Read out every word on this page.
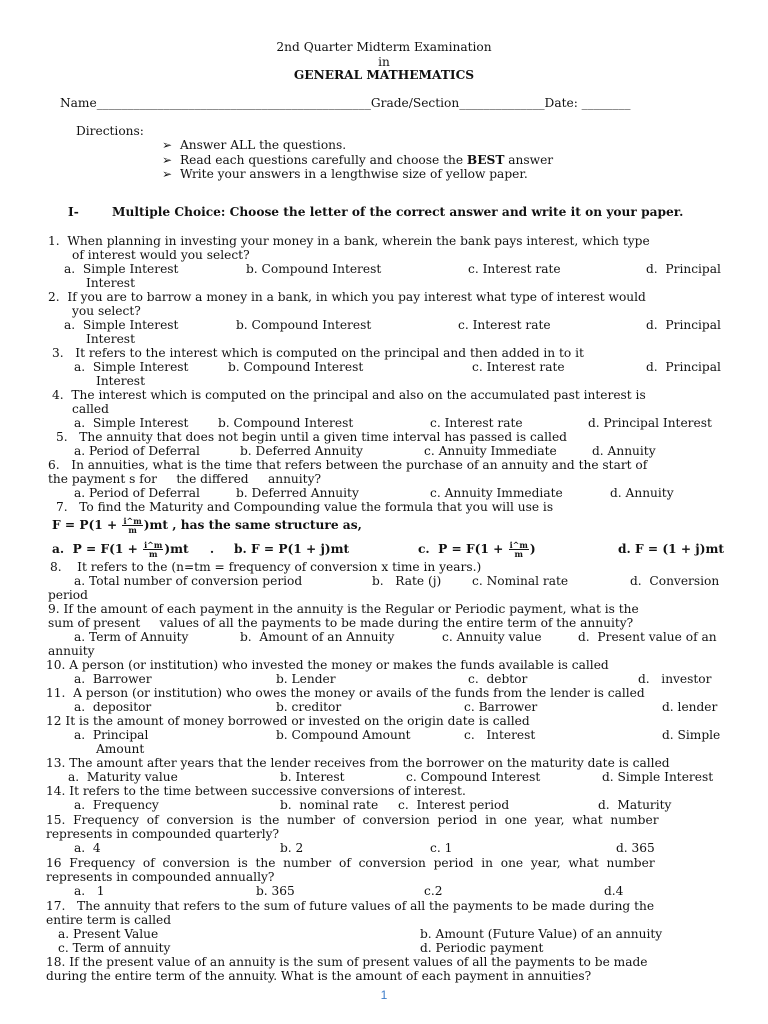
2nd Quarter Midterm Examination
in
GENERAL MATHEMATICS
Name_____________________________________________Grade/Section______________Date: ________
Directions:
➢ Answer ALL the questions.
➢ Read each questions carefully and choose the BEST answer
➢ Write your answers in a lengthwise size of yellow paper.
I-	Multiple Choice: Choose the letter of the correct answer and write it on your paper.
1.  When planning in investing your money in a bank, wherein the bank pays interest, which type
of interest would you select?
a.  Simple Interest	b. Compound Interest	c. Interest rate	d.  Principal
Interest
2.  If you are to barrow a money in a bank, in which you pay interest what type of interest would
you select?
a.  Simple Interest	b. Compound Interest	c. Interest rate	d.  Principal
Interest
3.   It refers to the interest which is computed on the principal and then added in to it
a.  Simple Interest	b. Compound Interest	c. Interest rate	d.  Principal
Interest
4.  The interest which is computed on the principal and also on the accumulated past interest is
called
a.  Simple Interest b. Compound Interest	c. Interest rate	d. Principal Interest
5.   The annuity that does not begin until a given time interval has passed is called
a. Period of Deferral	b. Deferred Annuity	c. Annuity Immediate	d. Annuity
6.   In annuities, what is the time that refers between the purchase of an annuity and the start of
the payment s for     the differed     annuity?
a. Period of Deferral	b. Deferred Annuity	c. Annuity Immediate	d. Annuity
7.   To find the Maturity and Compounding value the formula that you will use is
$F = P(1 + \frac{i\^{}m}{m} )mt$ , has the same structure as,
a.  $P = F(1 + \frac{i\^{}m}{m} )mt$     . b. F = P(1 + j)mt	c.  $P = F(1 + \frac{i\^{}m}{m}$ )	d. F = (1 + j)mt
8.    It refers to the (n=tm = frequency of conversion x time in years.)
a. Total number of conversion period	b.   Rate (j)	c. Nominal rate	d.  Conversion
period
9. If the amount of each payment in the annuity is the Regular or Periodic payment, what is the
sum of present     values of all the payments to be made during the entire term of the annuity?
a. Term of Annuity	b.  Amount of an Annuity	c. Annuity value	d.  Present value of an
annuity
10. A person (or institution) who invested the money or makes the funds available is called
a.  Barrower	b. Lender	c.  debtor	d.   investor
11.  A person (or institution) who owes the money or avails of the funds from the lender is called
a.  depositor	b. creditor	c. Barrower	d. lender
12 It is the amount of money borrowed or invested on the origin date is called
a.  Principal	b. Compound Amount	c.   Interest	d. Simple
Amount
13. The amount after years that the lender receives from the borrower on the maturity date is called
a.  Maturity value	b. Interest	c. Compound Interest	d. Simple Interest
14. It refers to the time between successive conversions of interest.
a.  Frequency	b.  nominal rate c.  Interest period	d.  Maturity
15.  Frequency  of  conversion  is  the  number  of  conversion  period  in  one  year,  what  number
represents in compounded quarterly?
a.  4	b. 2	c. 1	d. 365
16  Frequency  of  conversion  is  the  number  of  conversion  period  in  one  year,  what  number
represents in compounded annually?
a.   1	b. 365	c.2	d.4
17.   The annuity that refers to the sum of future values of all the payments to be made during the
entire term is called
a. Present Value	b. Amount (Future Value) of an annuity
c. Term of annuity	d. Periodic payment
18. If the present value of an annuity is the sum of present values of all the payments to be made
during the entire term of the annuity. What is the amount of each payment in annuities?
1
